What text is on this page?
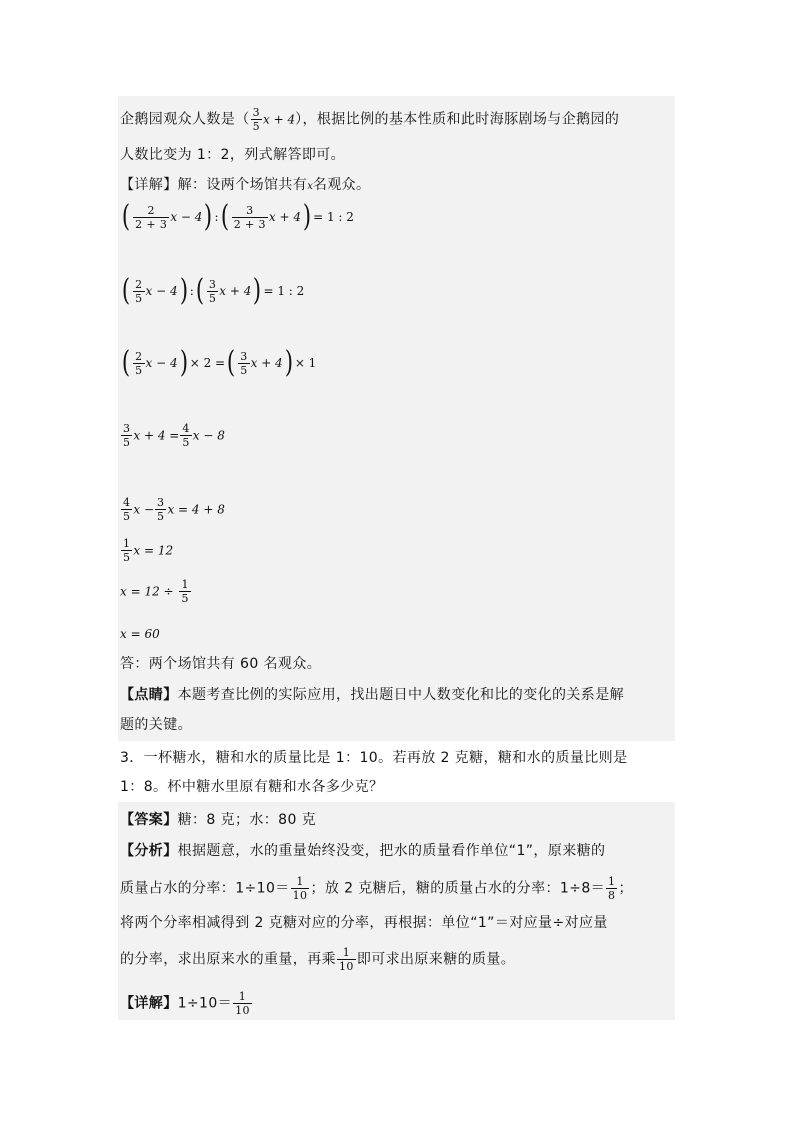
企鹅园观众人数是（ $\frac{3}{5}$ x + 4），根据比例的基本性质和此时海豚剧场与企鹅园的
人数比变为 1：2，列式解答即可。
【详解】解：设两个场馆共有x名观众。
( $\frac{2}{2 + 3}$ x − 4) :( $\frac{3}{2 + 3}$ x + 4) = 1 : 2
( $\frac{2}{5}$ x − 4) :( $\frac{3}{5}$ x + 4) = 1 : 2
( $\frac{2}{5}$ x − 4) × 2 =( $\frac{3}{5}$ x + 4) × 1
$\frac{3}{5}$ $x + 4 = \frac{4}{5}$ x − 8
$\frac{4}{5}$ $x - \frac{3}{5}$ x = 4 + 8
$\frac{1}{5}$ x = 12
$x = 12 \div \frac{1}{5}$
x = 60
答：两个场馆共有 60 名观众。
【点睛】本题考查比例的实际应用，找出题日中人数变化和比的变化的关系是解
题的关键。
3．一杯糖水，糖和水的质量比是 1：10。若再放 2 克糖，糖和水的质量比则是
1：8。杯中糖水里原有糖和水各多少克？
【答案】糖：8 克；水：80 克
【分析】根据题意，水的重量始终没变，把水的质量看作单位“1”，原来糖的
质量占水的分率：$1\div 10= \frac{1}{10}$ ；放 2 克糖后，糖的质量占水的分率：$1\div 8= \frac{1}{8}$ ；
将两个分率相减得到 2 克糖对应的分率，再根据：单位“1”＝对应量÷对应量
的分率，求出原来水的重量，再乘 $\frac{1}{10}$ 即可求出原来糖的质量。
【详解】$1\div 10= \frac{1}{10}$
